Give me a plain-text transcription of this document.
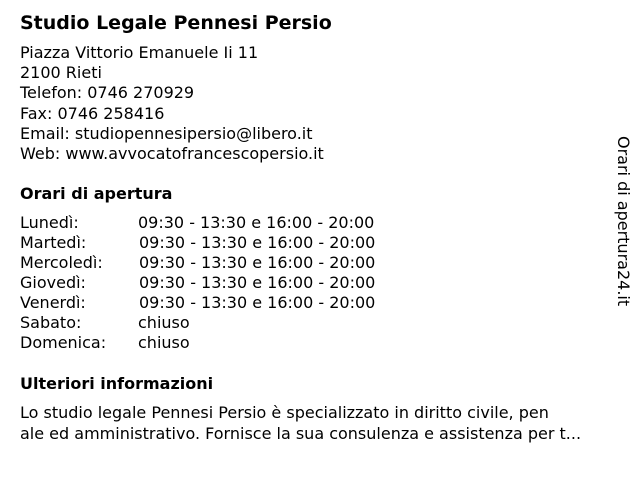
Studio Legale Pennesi Persio
Piazza Vittorio Emanuele Ii 11
2100 Rieti
Telefon: 0746 270929
Fax: 0746 258416
Email: studiopennesipersio@libero.it
Web: www.avvocatofrancescopersio.it
Orari di apertura
Lunedì:	09:30 - 13:30 e 16:00 - 20:00
Martedì:	09:30 - 13:30 e 16:00 - 20:00
Mercoledì: 09:30 - 13:30 e 16:00 - 20:00
Giovedì:	09:30 - 13:30 e 16:00 - 20:00
Venerdì:	09:30 - 13:30 e 16:00 - 20:00
Sabato:	chiuso
Domenica: chiuso
Ulteriori informazioni
Lo studio legale Pennesi Persio è specializzato in diritto civile, pen
ale ed amministrativo. Fornisce la sua consulenza e assistenza per t...
Orari di apertura24.it
